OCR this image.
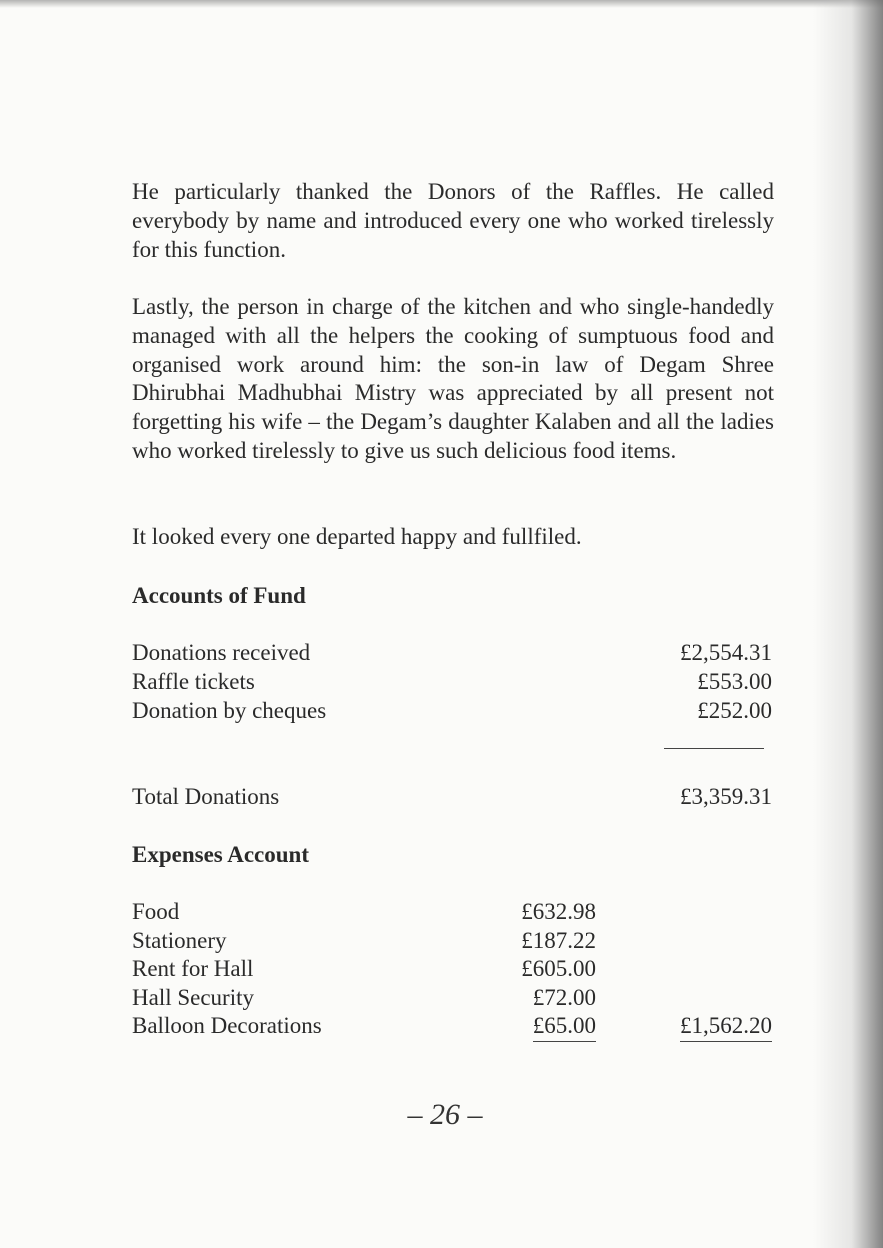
He particularly thanked the Donors of the Raffles. He called everybody by name and introduced every one who worked tirelessly for this function.

Lastly, the person in charge of the kitchen and who single-handedly managed with all the helpers the cooking of sumptuous food and organised work around him: the son-in law of Degam Shree Dhirubhai Madhubhai Mistry was appreciated by all present not forgetting his wife – the Degam’s daughter Kalaben and all the ladies who worked tirelessly to give us such delicious food items.

It looked every one departed happy and fullfiled.

Accounts of Fund
Donations received	£2,554.31
Raffle tickets	£553.00
Donation by cheques	£252.00
Total Donations	£3,359.31
Expenses Account
Food	£632.98
Stationery	£187.22
Rent for Hall	£605.00
Hall Security	£72.00
Balloon Decorations	£65.00	£1,562.20
– 26 –
